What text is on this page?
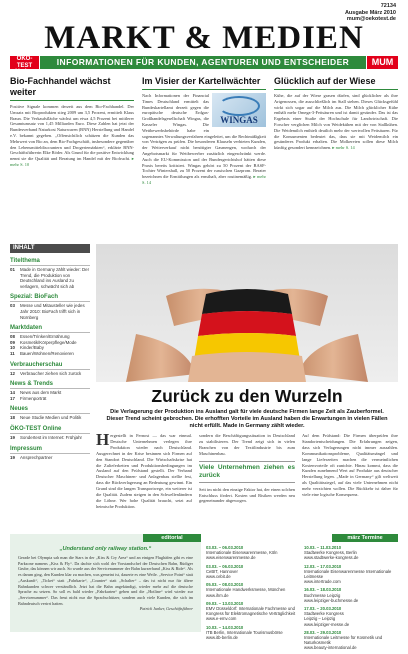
72134
Ausgabe März 2010
mum@oekotest.de
MARKT & MEDIEN
ÖKO-TEST
Verlag
INFORMATIONEN FÜR KUNDEN, AGENTUREN UND ENTSCHEIDER	MUM
Bio-Fachhandel wächst weiter

Positive Signale kommen derzeit aus dem Bio-Fachhandel. Der Umsatz mit Bioprodukten stieg 2009 um 3,5 Prozent, ermittelt Klaus Braun. Die Verkaufsfläche wächst um etwa 4,5 Prozent bei mittlerer Gesamtumsatz von 1,45 Milliarden Euro. Diese Zahlen hat jetzt der Bundesverband Naturkost Naturwaren (BNN) Herstellung und Handel e.V. bekannt gegeben. „Offensichtlich schätzen die Kunden das Mehrwert von Bio an, dem Bio-Fachgeschäft, insbesondere gegenüber den Lebensmitteldiscountern und Drogeriemärkten“, erklärte BNN-Geschäftsführerin Elke Röder. Als Grund für die positive Entwicklung nennt sie die Qualität und Beratung im Handel mit der Biofrucht. ▸ mehr S. 10

Im Visier der Kartellwächter

WINGAS
Nach Informationen der Financial Times Deutschland ermittelt das Bundeskartellamt derzeit gegen die europäische deutsche Erdgas-Großhandelsgesellschaft Wingas, die Kasseler Wingas. Die Wettbewerbsbehörde habe ein sogenanntes Verwaltungsverfahren eingeleitet, um die Rechtmäßigkeit von Verträgen zu prüfen. Die besonderen Klauseln verbieten Kunden, der Weiterverkauf nicht benötigter Gasmengen, wodurch der Angebotsmarkt für Wettbewerber zusätzlich eingeschränkt werde. Auch die EU-Kommission und der Bundesgerichtshof hätten diese Praxis bereits kritisiert. Wingas gehört zu 50 Prozent der BASF-Tochter Wintershall, zu 50 Prozent der russischen Gazprom. Berater bezeichnen die Ermittlungen als ernsthaft, aber routinemäßig. ▸ mehr S. 14

Glücklich auf der Wiese

Kühe, die auf der Wiese grasen dürfen, sind glücklicher als ihre Artgenossen, die ausschließlich im Stall stehen. Dieses Glücksgefühl wirkt sich sogar auf die Milch aus. Die Milch glücklicher Kühe enthält mehr Omega-3-Fettsäuren und ist damit gesünder. Das ist das Ergebnis einer Studie der Hochschule für Landwirtschaft. Die Forscher verglichen Milch von Weidekühen mit der von Stallkühen. Die Weidemilch enthielt deutlich mehr der wertvollen Fettsäuren. Für die Konsumenten bedeutet das, dass sie mit Weidemilch ein gesünderes Produkt erhalten. Die Molkereien sollen diese Milch künftig gesondert kennzeichnen. ▸ mehr S. 14

INHALT
Titelthema
01	Made in Germany zählt wieder: Der Trend, die Produktion von Deutschland ins Ausland zu verlagern, schwächt sich ab
Spezial: BioFach
03	Messe und Mitausteller wie jedes Jahr 2010: BioFach trifft sich in Nürnberg
Marktdaten
08	Essen/Trinken/Ernährung
09	Kosmetik/Körperpflege/Mode
10	Kinder/Baby
11	Bauen/Wohnen/Renovieren
Verbraucherschau
12	Verbraucher ziehen sich zurück
News & Trends
14	News aus dem Markt
17	Firmenporträt
Neues
18	Neue Studie Medien und Politik
ÖKO-TEST Online
19	Sondertest im Internet: Frühjahr
Impressum
19	Ansprechpartner
Zurück zu den Wurzeln
Die Verlagerung der Produktion ins Ausland galt für viele deutsche Firmen lange Zeit als Zauberformel. Dieser Trend scheint gebrochen. Die erhofften Vorteile im Ausland haben die Erwartungen in vielen Fällen nicht erfüllt. Made in Germany zählt wieder.
Hergestellt in Fernost — das war einmal. Deutsche Unternehmen verlegen ihre Produktion wieder nach Deutschland. Ausgerechnet in der Krise besinnen sich Firmen auf den Standort Deutschland. Die Wirtschaftskrise hat die Zulieferketten und Produktionsbedingungen im Ausland auf den Prüfstand gestellt. Der Verband Deutscher Maschinen- und Anlagenbau stellte fest, dass die Rückverlagerung an Bedeutung gewinnt. Ein Grund sind die langen Transportwege, ein weiterer ist die Qualität. Zudem steigen in den Schwellenländern die Löhne. Wer hohe Qualität braucht, setzt auf heimische Produktion.
sondern die Beschäftigungssituation in Deutschland zu stabilisieren. Der Trend zeigt sich in vielen Branchen von der Textilindustrie bis zum Maschinenbau.
Viele Unternehmen ziehen es zurück
Seit im nicht den einzige Faktor hat, der einen solchen Entschluss fördert. Kosten und Risiken werden neu gegeneinander abgewogen.
Auf dem Prüfstand: Die Firmen überprüfen ihre Standortentscheidungen. Die Erfahrungen zeigen, dass sich Verlagerungen nicht immer auszahlen. Kommunikationsprobleme, Qualitätsmängel und lange Lieferzeiten machen die vermeintlichen Kostenvorteile oft zunichte. Hinzu kommt, dass die Kunden zunehmend Wert auf Produkte aus deutscher Herstellung legen. „Made in Germany“ gilt weltweit als Qualitätssiegel, auf das viele Unternehmen nicht mehr verzichten wollen. Die Rückkehr ist daher für viele eine logische Konsequenz.
editorial
„Understand only railway station.“
Gerade bei Olympia sah man die Stars in der „Kiss & Cry Area“ und an einigen Flughäfen gibt es eine Parkzone namens „Kiss & Fly“. Da dachte sich wohl der Vorstandschef der Deutschen Bahn, Rüdiger Grube, das können wir auch. So wurde aus der Servicenummer der Bahn kurzerhand „Kiss & Ride“. Als es darum ging, den Kunden klar zu machen, was gemeint ist, dauerte es eine Weile. „Service Point“ statt „Auskunft“, „Ticket“ statt „Fahrkarte“, „Counter“ statt „Schalter“ – das ist nicht nur für ältere Bahnkunden schwer verständlich. Jetzt hat die Bahn angekündigt, wieder mehr auf die deutsche Sprache zu setzen. So soll es bald wieder „Fahrkarten“ geben und die „Hotline“ wird wieder zur „Servicenummer“. Das freut nicht nur die Sprachschützer, sondern auch viele Kunden, die sich im Bahndeutsch verirrt hatten.
Patrick Junker, Geschäftsführer
märz Termine
03.03. – 06.03.2010
Internationale Eisenwarenmesse, Köln
www.eisenwarenmesse.de
03.03. – 06.03.2010
CeBIT, Hannover
www.cebit.de
05.03. – 08.03.2010
Internationale Handwerksmesse, München
www.ihm.de
09.03. – 13.03.2010
EMV Düsseldorf: Internationale Fachmesse und Kongress für Elektromagnetische Verträglichkeit
www.e-emv.com
10.03. – 14.03.2010
ITB Berlin, Internationale Tourismusbörse
www.itb-berlin.de
10.03. – 11.03.2010
Stadtwerke Kongress, Berlin
www.stadtwerke-kongress.de
12.03. – 17.03.2010
Internationale Eisenwarenmesse Internationale Leitmesse
www.intertrade.com
16.03. – 18.03.2010
Buchmesse Leipzig
www.leipziger-buchmesse.de
17.03. – 20.03.2010
Stadtwerke Kongress
Leipzig – Leipzig
www.leipziger-messe.de
28.03. – 29.03.2010
Internationale Leitmesse für Kosmetik und Naturkosmetik
www.beauty-international.de
